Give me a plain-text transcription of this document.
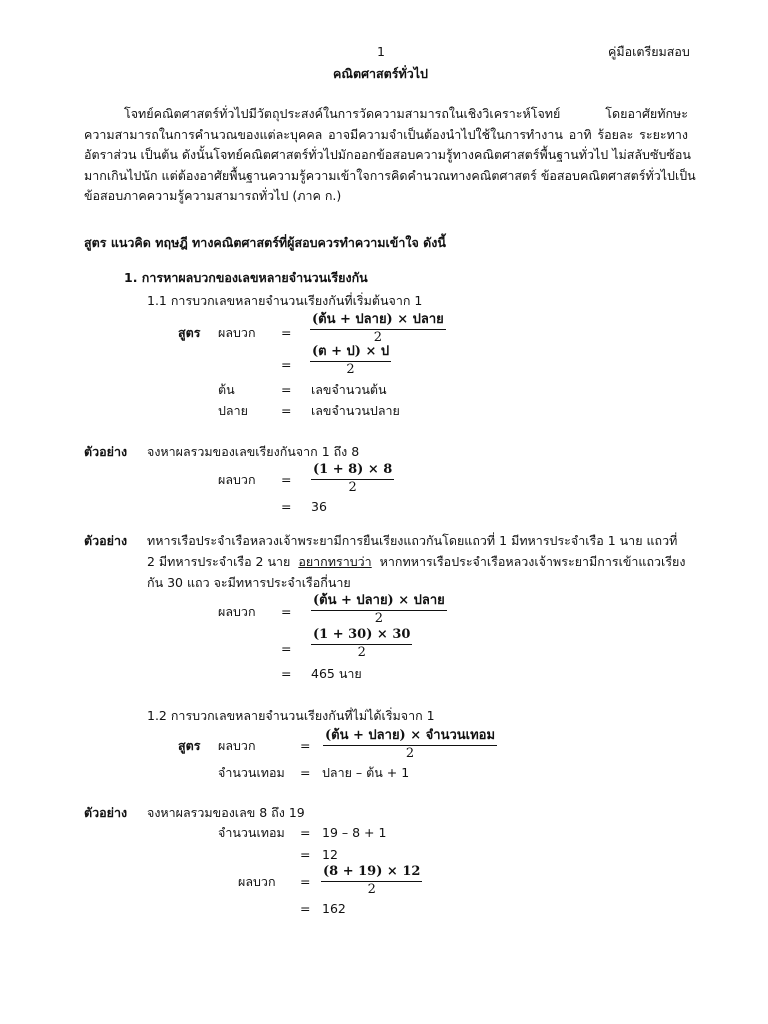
1	คู่มือเตรียมสอบ
คณิตศาสตร์ทั่วไป
โจทย์คณิตศาสตร์ทั่วไปมีวัตถุประสงค์ในการวัดความสามารถในเชิงวิเคราะห์โจทย์ โดยอาศัยทักษะ
ความสามารถในการคำนวณของแต่ละบุคคล อาจมีความจำเป็นต้องนำไปใช้ในการทำงาน อาทิ ร้อยละ ระยะทาง
อัตราส่วน เป็นต้น ดังนั้นโจทย์คณิตศาสตร์ทั่วไปมักออกข้อสอบความรู้ทางคณิตศาสตร์พื้นฐานทั่วไป ไม่สลับซับซ้อน
มากเกินไปนัก แต่ต้องอาศัยพื้นฐานความรู้ความเข้าใจการคิดคำนวณทางคณิตศาสตร์ ข้อสอบคณิตศาสตร์ทั่วไปเป็น
ข้อสอบภาคความรู้ความสามารถทั่วไป (ภาค ก.)
สูตร แนวคิด ทฤษฎี ทางคณิตศาสตร์ที่ผู้สอบควรทำความเข้าใจ ดังนี้
1. การหาผลบวกของเลขหลายจำนวนเรียงกัน
1.1 การบวกเลขหลายจำนวนเรียงกันที่เริ่มต้นจาก 1
สูตร ผลบวก =
(ต้น + ปลาย) × ปลาย
2
=
(ต + ป) × ป
2
ต้น	= เลขจำนวนต้น
ปลาย	= เลขจำนวนปลาย
ตัวอย่าง จงหาผลรวมของเลขเรียงกันจาก 1 ถึง 8
ผลบวก =
(1 + 8) × 8
2
= 36
ตัวอย่าง ทหารเรือประจำเรือหลวงเจ้าพระยามีการยืนเรียงแถวกันโดยแถวที่ 1 มีทหารประจำเรือ 1 นาย แถวที่
2 มีทหารประจำเรือ 2 นาย อยากทราบว่า หากทหารเรือประจำเรือหลวงเจ้าพระยามีการเข้าแถวเรียง
กัน 30 แถว จะมีทหารประจำเรือกี่นาย
ผลบวก =
(ต้น + ปลาย) × ปลาย
2
=
(1 + 30) × 30
2
= 465 นาย
1.2 การบวกเลขหลายจำนวนเรียงกันที่ไม่ได้เริ่มจาก 1
สูตร ผลบวก	=
(ต้น + ปลาย) × จำนวนเทอม
2
จำนวนเทอม = ปลาย – ต้น + 1
ตัวอย่าง จงหาผลรวมของเลข 8 ถึง 19
จำนวนเทอม = 19 – 8 + 1
= 12
ผลบวก =
(8 + 19) × 12
2
= 162
